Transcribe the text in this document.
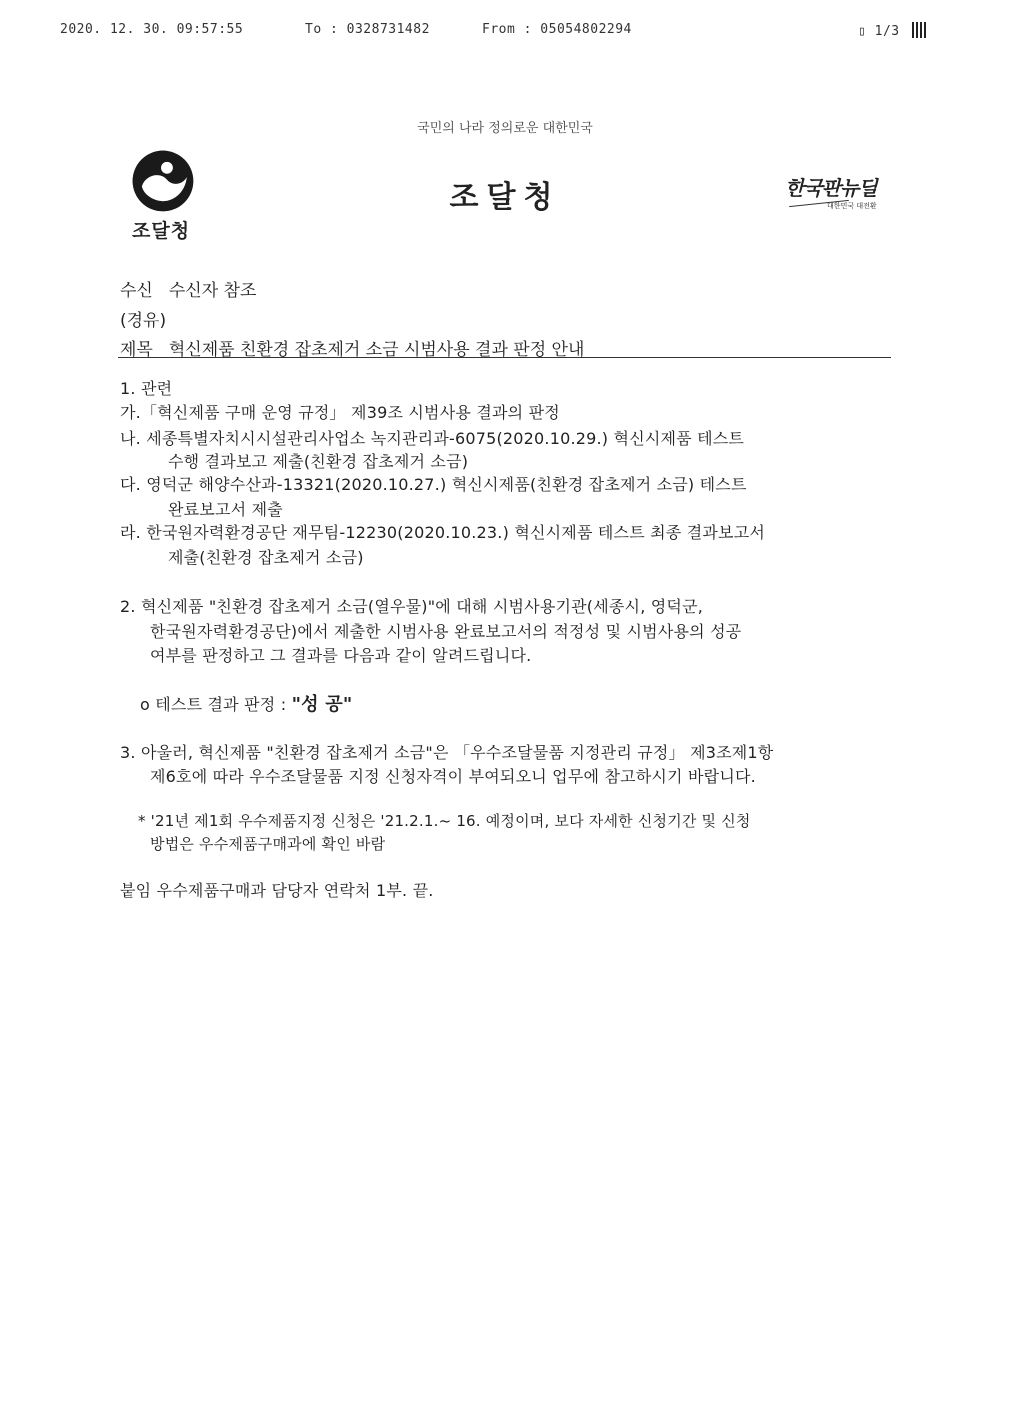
2020. 12. 30. 09:57:55	To : 0328731482	From : 05054802294	▯ 1/3
국민의 나라 정의로운 대한민국
조달청
조달청	한국판뉴딜
대한민국 대전환
수신 수신자 참조
(경유)
제목 혁신제품 친환경 잡초제거 소금 시범사용 결과 판정 안내
1. 관련
가.「혁신제품 구매 운영 규정」 제39조 시범사용 결과의 판정
나. 세종특별자치시시설관리사업소 녹지관리과-6075(2020.10.29.) 혁신시제품 테스트
수행 결과보고 제출(친환경 잡초제거 소금)
다. 영덕군 해양수산과-13321(2020.10.27.) 혁신시제품(친환경 잡초제거 소금) 테스트
완료보고서 제출
라. 한국원자력환경공단 재무팀-12230(2020.10.23.) 혁신시제품 테스트 최종 결과보고서
제출(친환경 잡초제거 소금)
2. 혁신제품 "친환경 잡초제거 소금(열우물)"에 대해 시범사용기관(세종시, 영덕군,
한국원자력환경공단)에서 제출한 시범사용 완료보고서의 적정성 및 시범사용의 성공
여부를 판정하고 그 결과를 다음과 같이 알려드립니다.
o 테스트 결과 판정 : "성 공"
3. 아울러, 혁신제품 "친환경 잡초제거 소금"은 「우수조달물품 지정관리 규정」 제3조제1항
제6호에 따라 우수조달물품 지정 신청자격이 부여되오니 업무에 참고하시기 바랍니다.
* '21년 제1회 우수제품지정 신청은 '21.2.1.~ 16. 예정이며, 보다 자세한 신청기간 및 신청
방법은 우수제품구매과에 확인 바람
붙임 우수제품구매과 담당자 연락처 1부. 끝.
